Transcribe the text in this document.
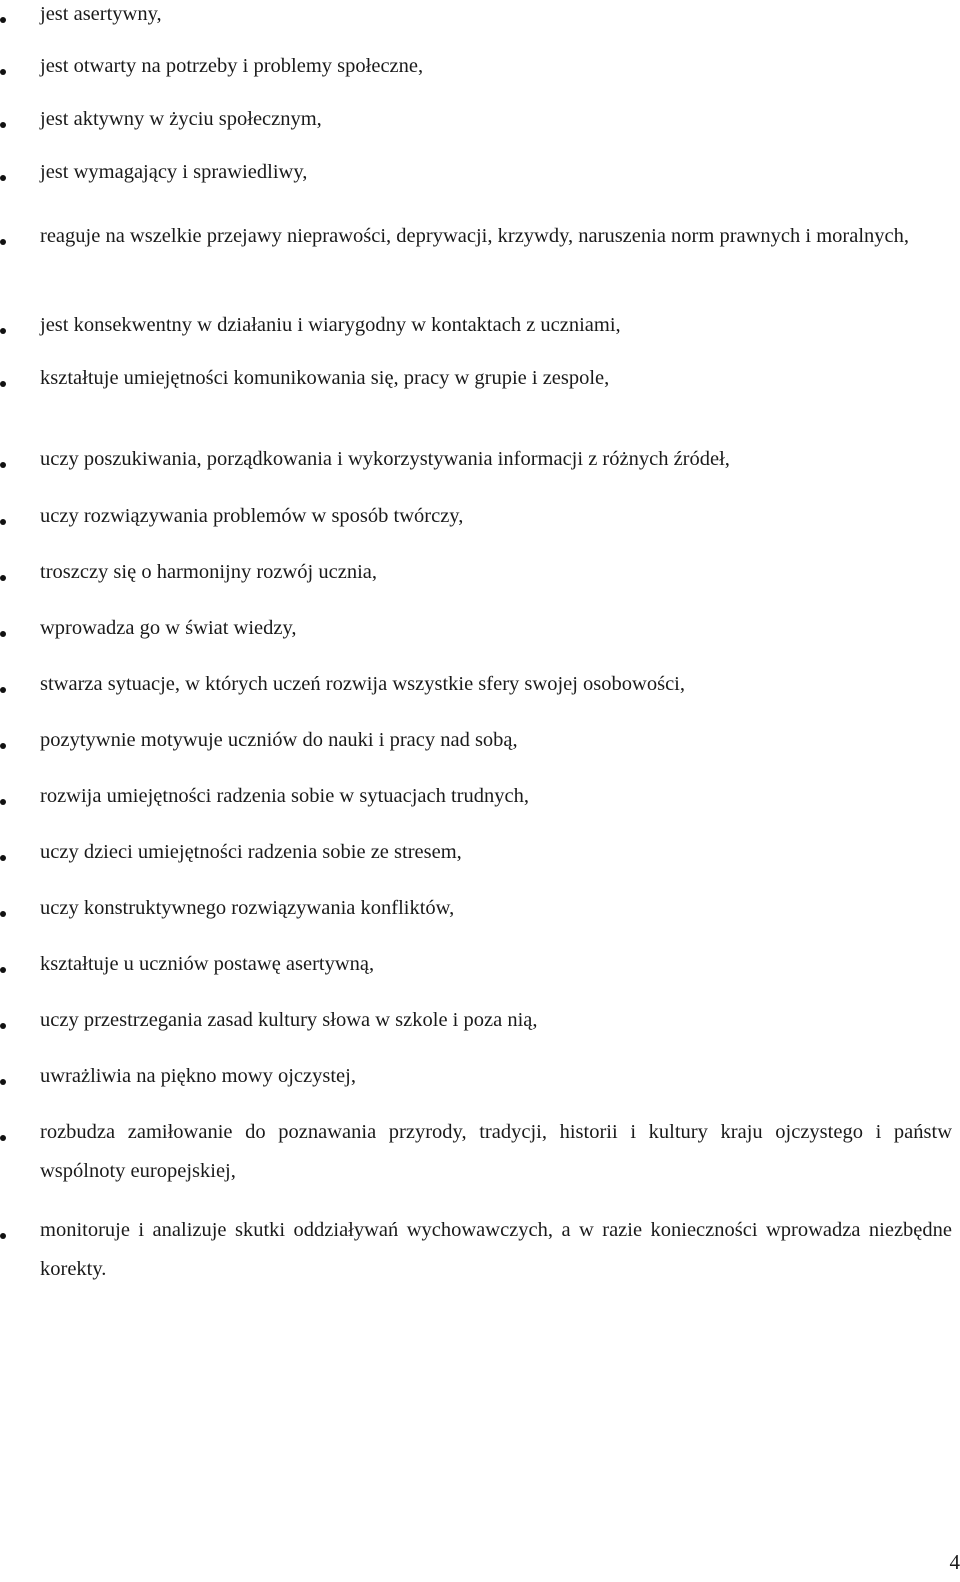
jest asertywny,
jest otwarty na potrzeby i problemy społeczne,
jest aktywny w życiu społecznym,
jest wymagający i sprawiedliwy,
reaguje na wszelkie przejawy nieprawości, deprywacji, krzywdy, naruszenia norm prawnych i moralnych,
jest konsekwentny w działaniu i wiarygodny w kontaktach z uczniami,
kształtuje umiejętności komunikowania się, pracy w grupie i zespole,
uczy poszukiwania, porządkowania i wykorzystywania informacji z różnych źródeł,
uczy rozwiązywania problemów w sposób twórczy,
troszczy się o harmonijny rozwój ucznia,
wprowadza go w świat wiedzy,
stwarza sytuacje, w których uczeń rozwija wszystkie sfery swojej osobowości,
pozytywnie motywuje uczniów do nauki i pracy nad sobą,
rozwija umiejętności radzenia sobie w sytuacjach trudnych,
uczy dzieci umiejętności radzenia sobie ze stresem,
uczy konstruktywnego rozwiązywania konfliktów,
kształtuje u uczniów postawę asertywną,
uczy przestrzegania zasad kultury słowa w szkole i poza nią,
uwrażliwia na piękno mowy ojczystej,
rozbudza zamiłowanie do poznawania przyrody, tradycji, historii i kultury kraju ojczystego i państw wspólnoty europejskiej,
monitoruje i analizuje skutki oddziaływań wychowawczych, a w razie konieczności wprowadza niezbędne korekty.
4
